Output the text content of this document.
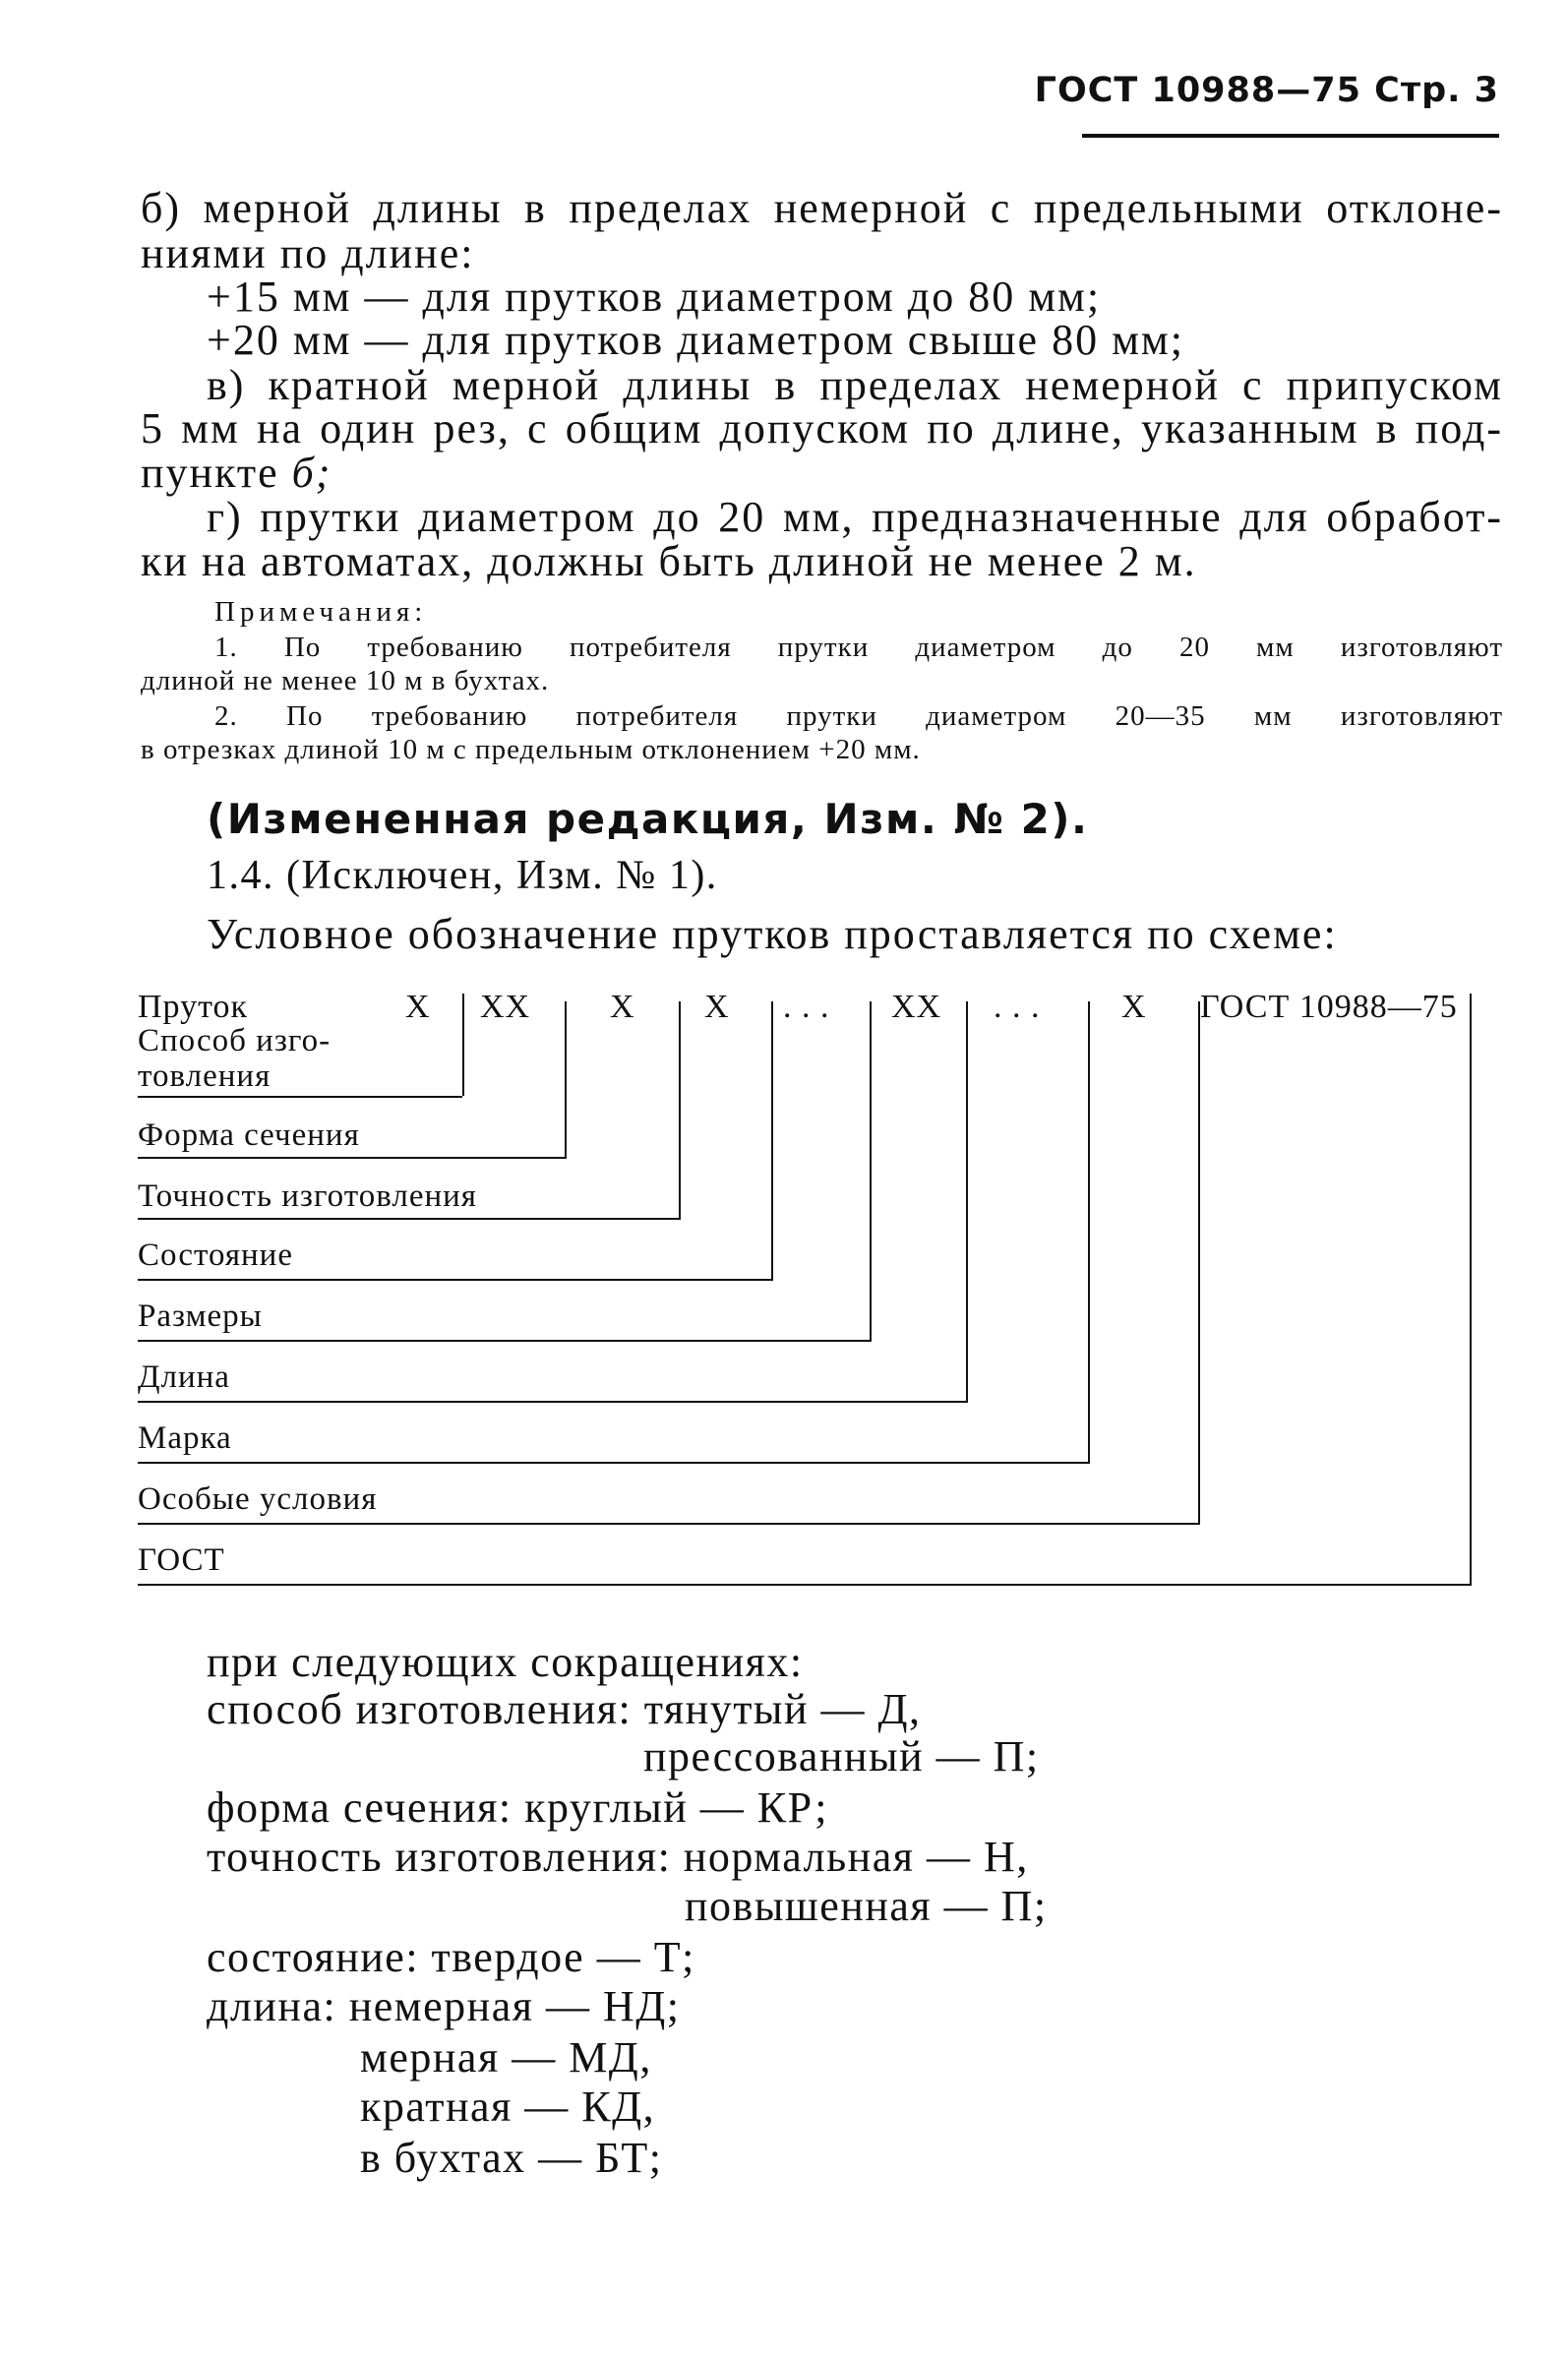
ГОСТ 10988—75 Стр. 3
б) мерной длины в пределах немерной с предельными отклоне-
ниями по длине:
+15 мм — для прутков диаметром до 80 мм;
+20 мм — для прутков диаметром свыше 80 мм;
в) кратной мерной длины в пределах немерной с припуском
5 мм на один рез, с общим допуском по длине, указанным в под-
пункте б;
г) прутки диаметром до 20 мм, предназначенные для обработ-
ки на автоматах, должны быть длиной не менее 2 м.
Примечания:
1. По требованию потребителя прутки диаметром до 20 мм изготовляют
длиной не менее 10 м в бухтах.
2. По требованию потребителя прутки диаметром 20—35 мм изготовляют
в отрезках длиной 10 м с предельным отклонением +20 мм.
(Измененная редакция, Изм. № 2).
1.4. (Исключен, Изм. № 1).
Условное обозначение прутков проставляется по схеме:
Пруток	X XX X X . . . XX . . . X ГОСТ 10988—75
Способ изго-
товления
Форма сечения
Точность изготовления
Состояние
Размеры
Длина
Марка
Особые условия
ГОСТ
при следующих сокращениях:
способ изготовления: тянутый — Д,
прессованный — П;
форма сечения: круглый — КР;
точность изготовления: нормальная — Н,
повышенная — П;
состояние: твердое — Т;
длина: немерная — НД;
мерная — МД,
кратная — КД,
в бухтах — БТ;
